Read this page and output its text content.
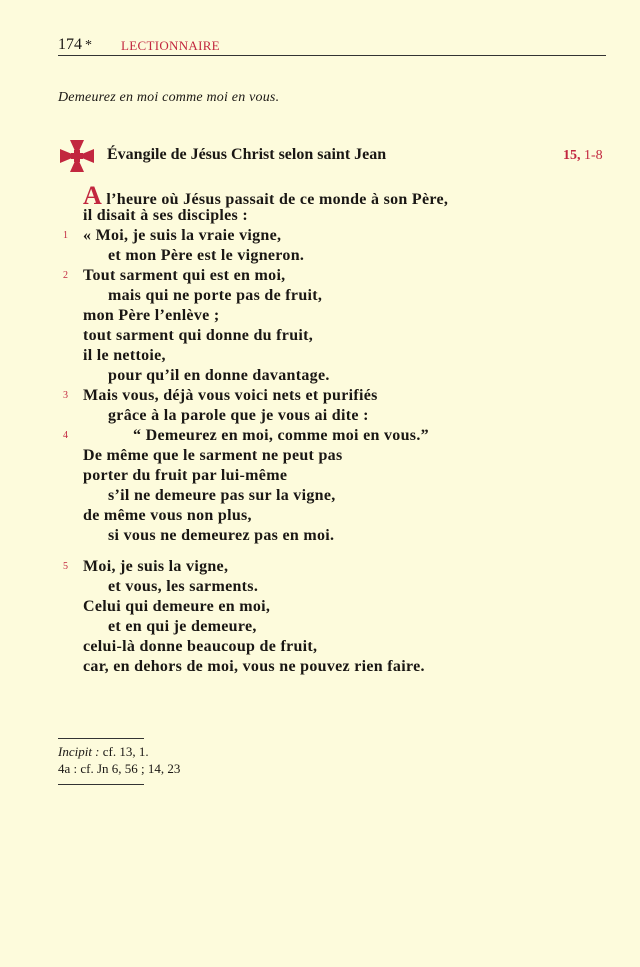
174 * LECTIONNAIRE
Demeurez en moi comme moi en vous.
Évangile de Jésus Christ selon saint Jean	15, 1-8
A l’heure où Jésus passait de ce monde à son Père,
il disait à ses disciples :
1 « Moi, je suis la vraie vigne,
et mon Père est le vigneron.
2 Tout sarment qui est en moi,
mais qui ne porte pas de fruit,
mon Père l’enlève ;
tout sarment qui donne du fruit,
il le nettoie,
pour qu’il en donne davantage.
3 Mais vous, déjà vous voici nets et purifiés
grâce à la parole que je vous ai dite :
4	“ Demeurez en moi, comme moi en vous.”
De même que le sarment ne peut pas
porter du fruit par lui-même
s’il ne demeure pas sur la vigne,
de même vous non plus,
si vous ne demeurez pas en moi.
5 Moi, je suis la vigne,
et vous, les sarments.
Celui qui demeure en moi,
et en qui je demeure,
celui-là donne beaucoup de fruit,
car, en dehors de moi, vous ne pouvez rien faire.
Incipit : cf. 13, 1.
4a : cf. Jn 6, 56 ; 14, 23
